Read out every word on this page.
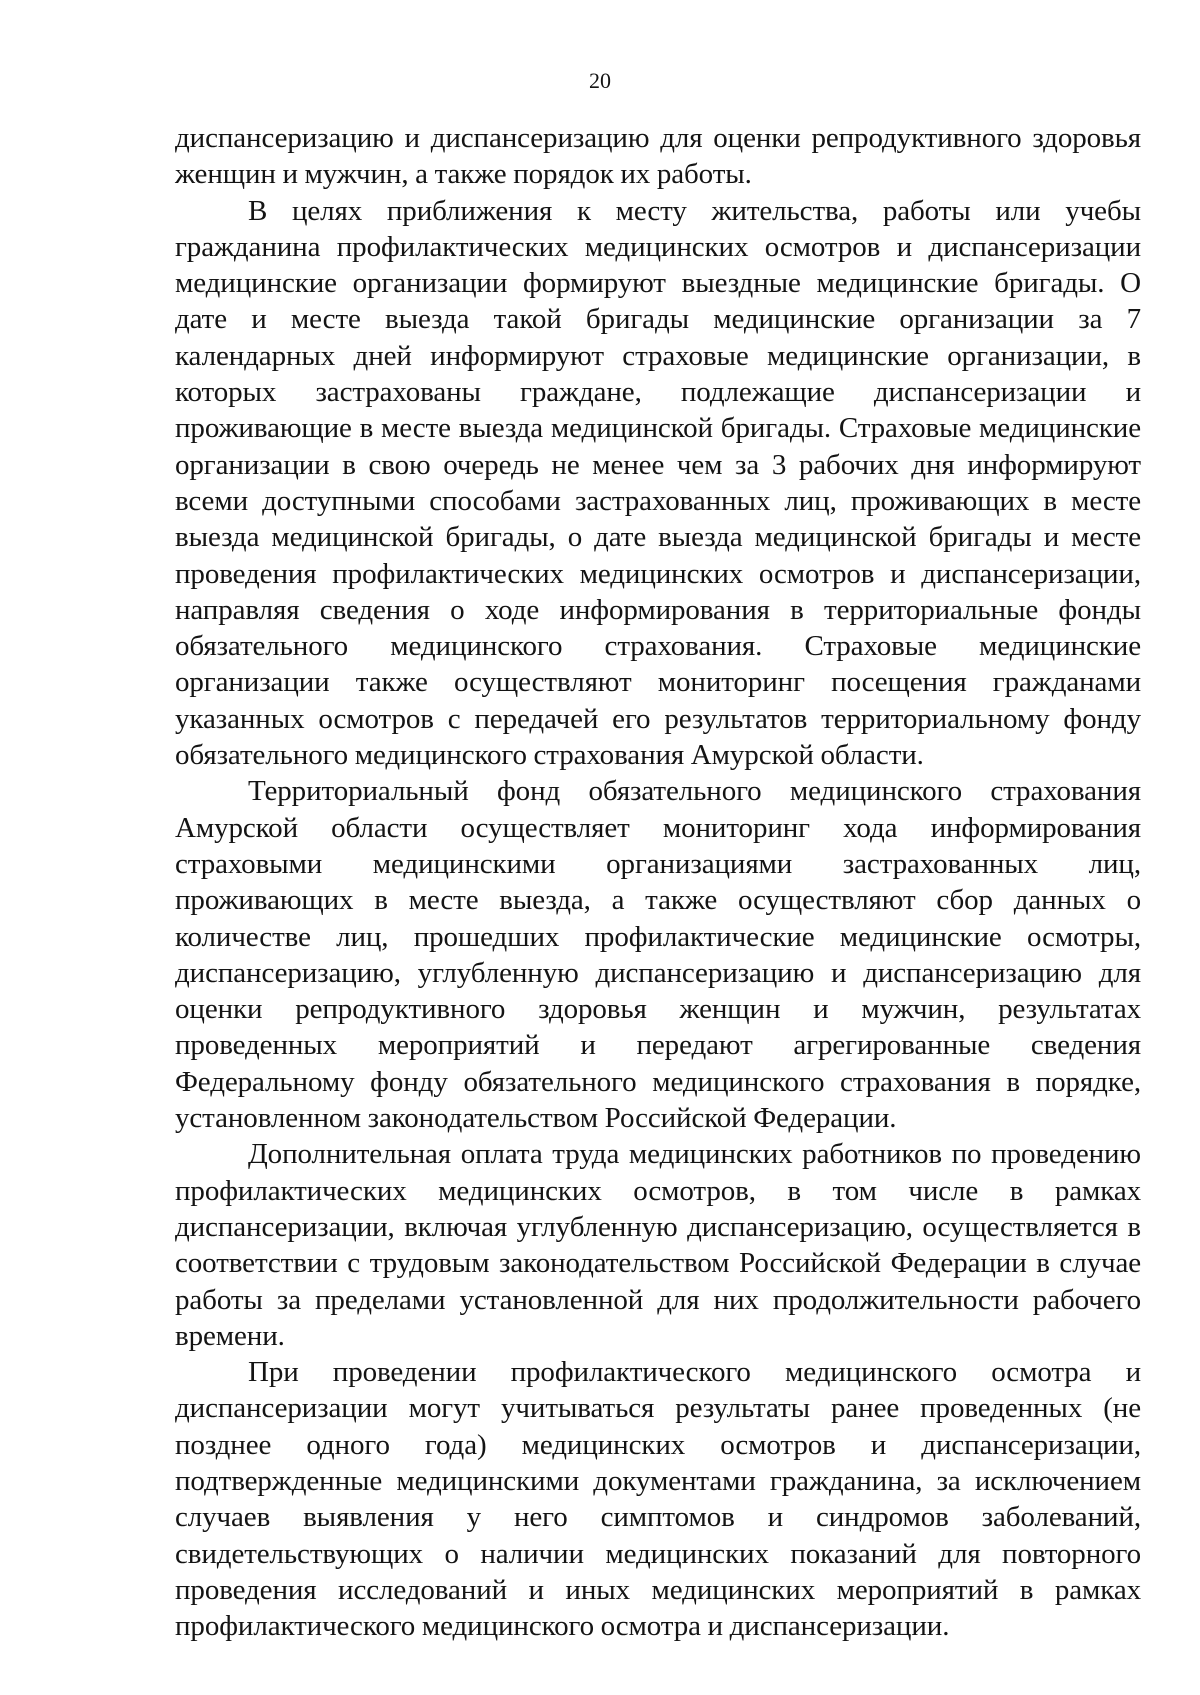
20

диспансеризацию и диспансеризацию для оценки репродуктивного здоровья женщин и мужчин, а также порядок их работы.

В целях приближения к месту жительства, работы или учебы гражданина профилактических медицинских осмотров и диспансеризации медицинские организации формируют выездные медицинские бригады. О дате и месте выезда такой бригады медицинские организации за 7 календарных дней информируют страховые медицинские организации, в которых застрахованы граждане, подлежащие диспансеризации и проживающие в месте выезда медицинской бригады. Страховые медицинские организации в свою очередь не менее чем за 3 рабочих дня информируют всеми доступными способами застрахованных лиц, проживающих в месте выезда медицинской бригады, о дате выезда медицинской бригады и месте проведения профилактических медицинских осмотров и диспансеризации, направляя сведения о ходе информирования в территориальные фонды обязательного медицинского страхования. Страховые медицинские организации также осуществляют мониторинг посещения гражданами указанных осмотров с передачей его результатов территориальному фонду обязательного медицинского страхования Амурской области.

Территориальный фонд обязательного медицинского страхования Амурской области осуществляет мониторинг хода информирования страховыми медицинскими организациями застрахованных лиц, проживающих в месте выезда, а также осуществляют сбор данных о количестве лиц, прошедших профилактические медицинские осмотры, диспансеризацию, углубленную диспансеризацию и диспансеризацию для оценки репродуктивного здоровья женщин и мужчин, результатах проведенных мероприятий и передают агрегированные сведения Федеральному фонду обязательного медицинского страхования в порядке, установленном законодательством Российской Федерации.

Дополнительная оплата труда медицинских работников по проведению профилактических медицинских осмотров, в том числе в рамках диспансеризации, включая углубленную диспансеризацию, осуществляется в соответствии с трудовым законодательством Российской Федерации в случае работы за пределами установленной для них продолжительности рабочего времени.

При проведении профилактического медицинского осмотра и диспансеризации могут учитываться результаты ранее проведенных (не позднее одного года) медицинских осмотров и диспансеризации, подтвержденные медицинскими документами гражданина, за исключением случаев выявления у него симптомов и синдромов заболеваний, свидетельствующих о наличии медицинских показаний для повторного проведения исследований и иных медицинских мероприятий в рамках профилактического медицинского осмотра и диспансеризации.
